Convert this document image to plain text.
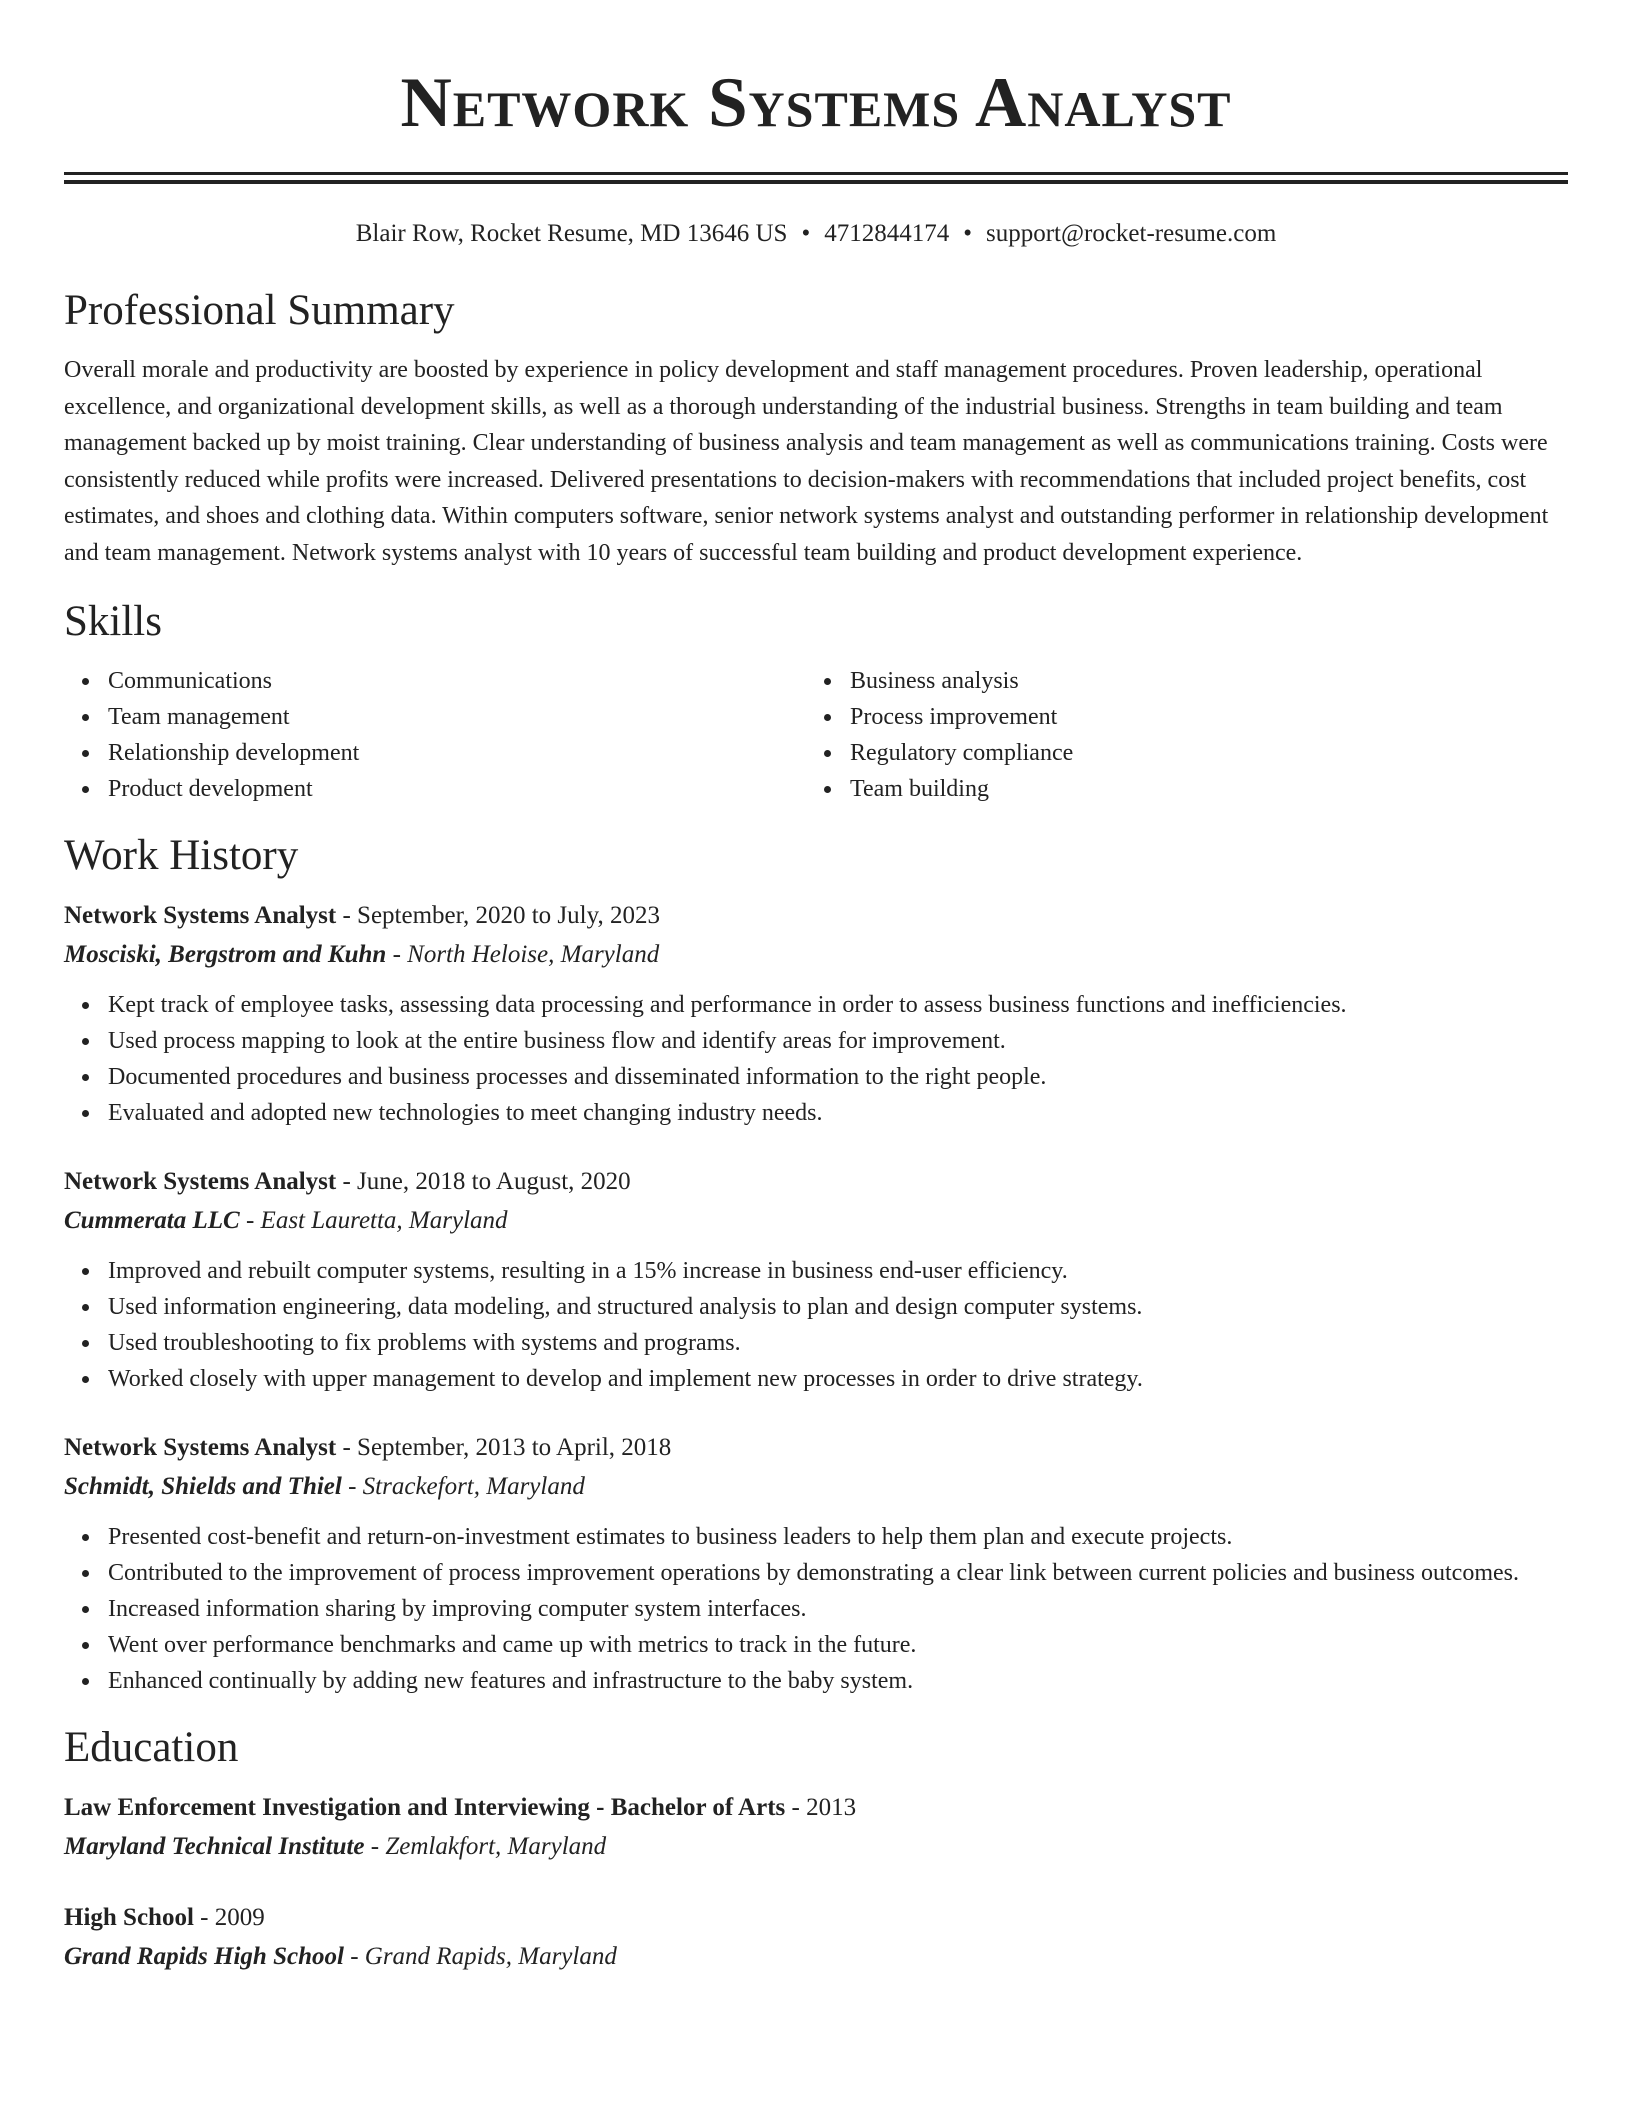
Network Systems Analyst
Blair Row, Rocket Resume, MD 13646 US • 4712844174 • support@rocket-resume.com
Professional Summary

Overall morale and productivity are boosted by experience in policy development and staff management procedures. Proven leadership, operational excellence, and organizational development skills, as well as a thorough understanding of the industrial business. Strengths in team building and team management backed up by moist training. Clear understanding of business analysis and team management as well as communications training. Costs were consistently reduced while profits were increased. Delivered presentations to decision-makers with recommendations that included project benefits, cost estimates, and shoes and clothing data. Within computers software, senior network systems analyst and outstanding performer in relationship development and team management. Network systems analyst with 10 years of successful team building and product development experience.

Skills
Communications
Team management
Relationship development
Product development
Business analysis
Process improvement
Regulatory compliance
Team building
Work History
Network Systems Analyst - September, 2020 to July, 2023
Mosciski, Bergstrom and Kuhn - North Heloise, Maryland
Kept track of employee tasks, assessing data processing and performance in order to assess business functions and inefficiencies.
Used process mapping to look at the entire business flow and identify areas for improvement.
Documented procedures and business processes and disseminated information to the right people.
Evaluated and adopted new technologies to meet changing industry needs.
Network Systems Analyst - June, 2018 to August, 2020
Cummerata LLC - East Lauretta, Maryland
Improved and rebuilt computer systems, resulting in a 15% increase in business end-user efficiency.
Used information engineering, data modeling, and structured analysis to plan and design computer systems.
Used troubleshooting to fix problems with systems and programs.
Worked closely with upper management to develop and implement new processes in order to drive strategy.
Network Systems Analyst - September, 2013 to April, 2018
Schmidt, Shields and Thiel - Strackefort, Maryland
Presented cost-benefit and return-on-investment estimates to business leaders to help them plan and execute projects.
Contributed to the improvement of process improvement operations by demonstrating a clear link between current policies and business outcomes.
Increased information sharing by improving computer system interfaces.
Went over performance benchmarks and came up with metrics to track in the future.
Enhanced continually by adding new features and infrastructure to the baby system.
Education
Law Enforcement Investigation and Interviewing - Bachelor of Arts - 2013
Maryland Technical Institute - Zemlakfort, Maryland
High School - 2009
Grand Rapids High School - Grand Rapids, Maryland
